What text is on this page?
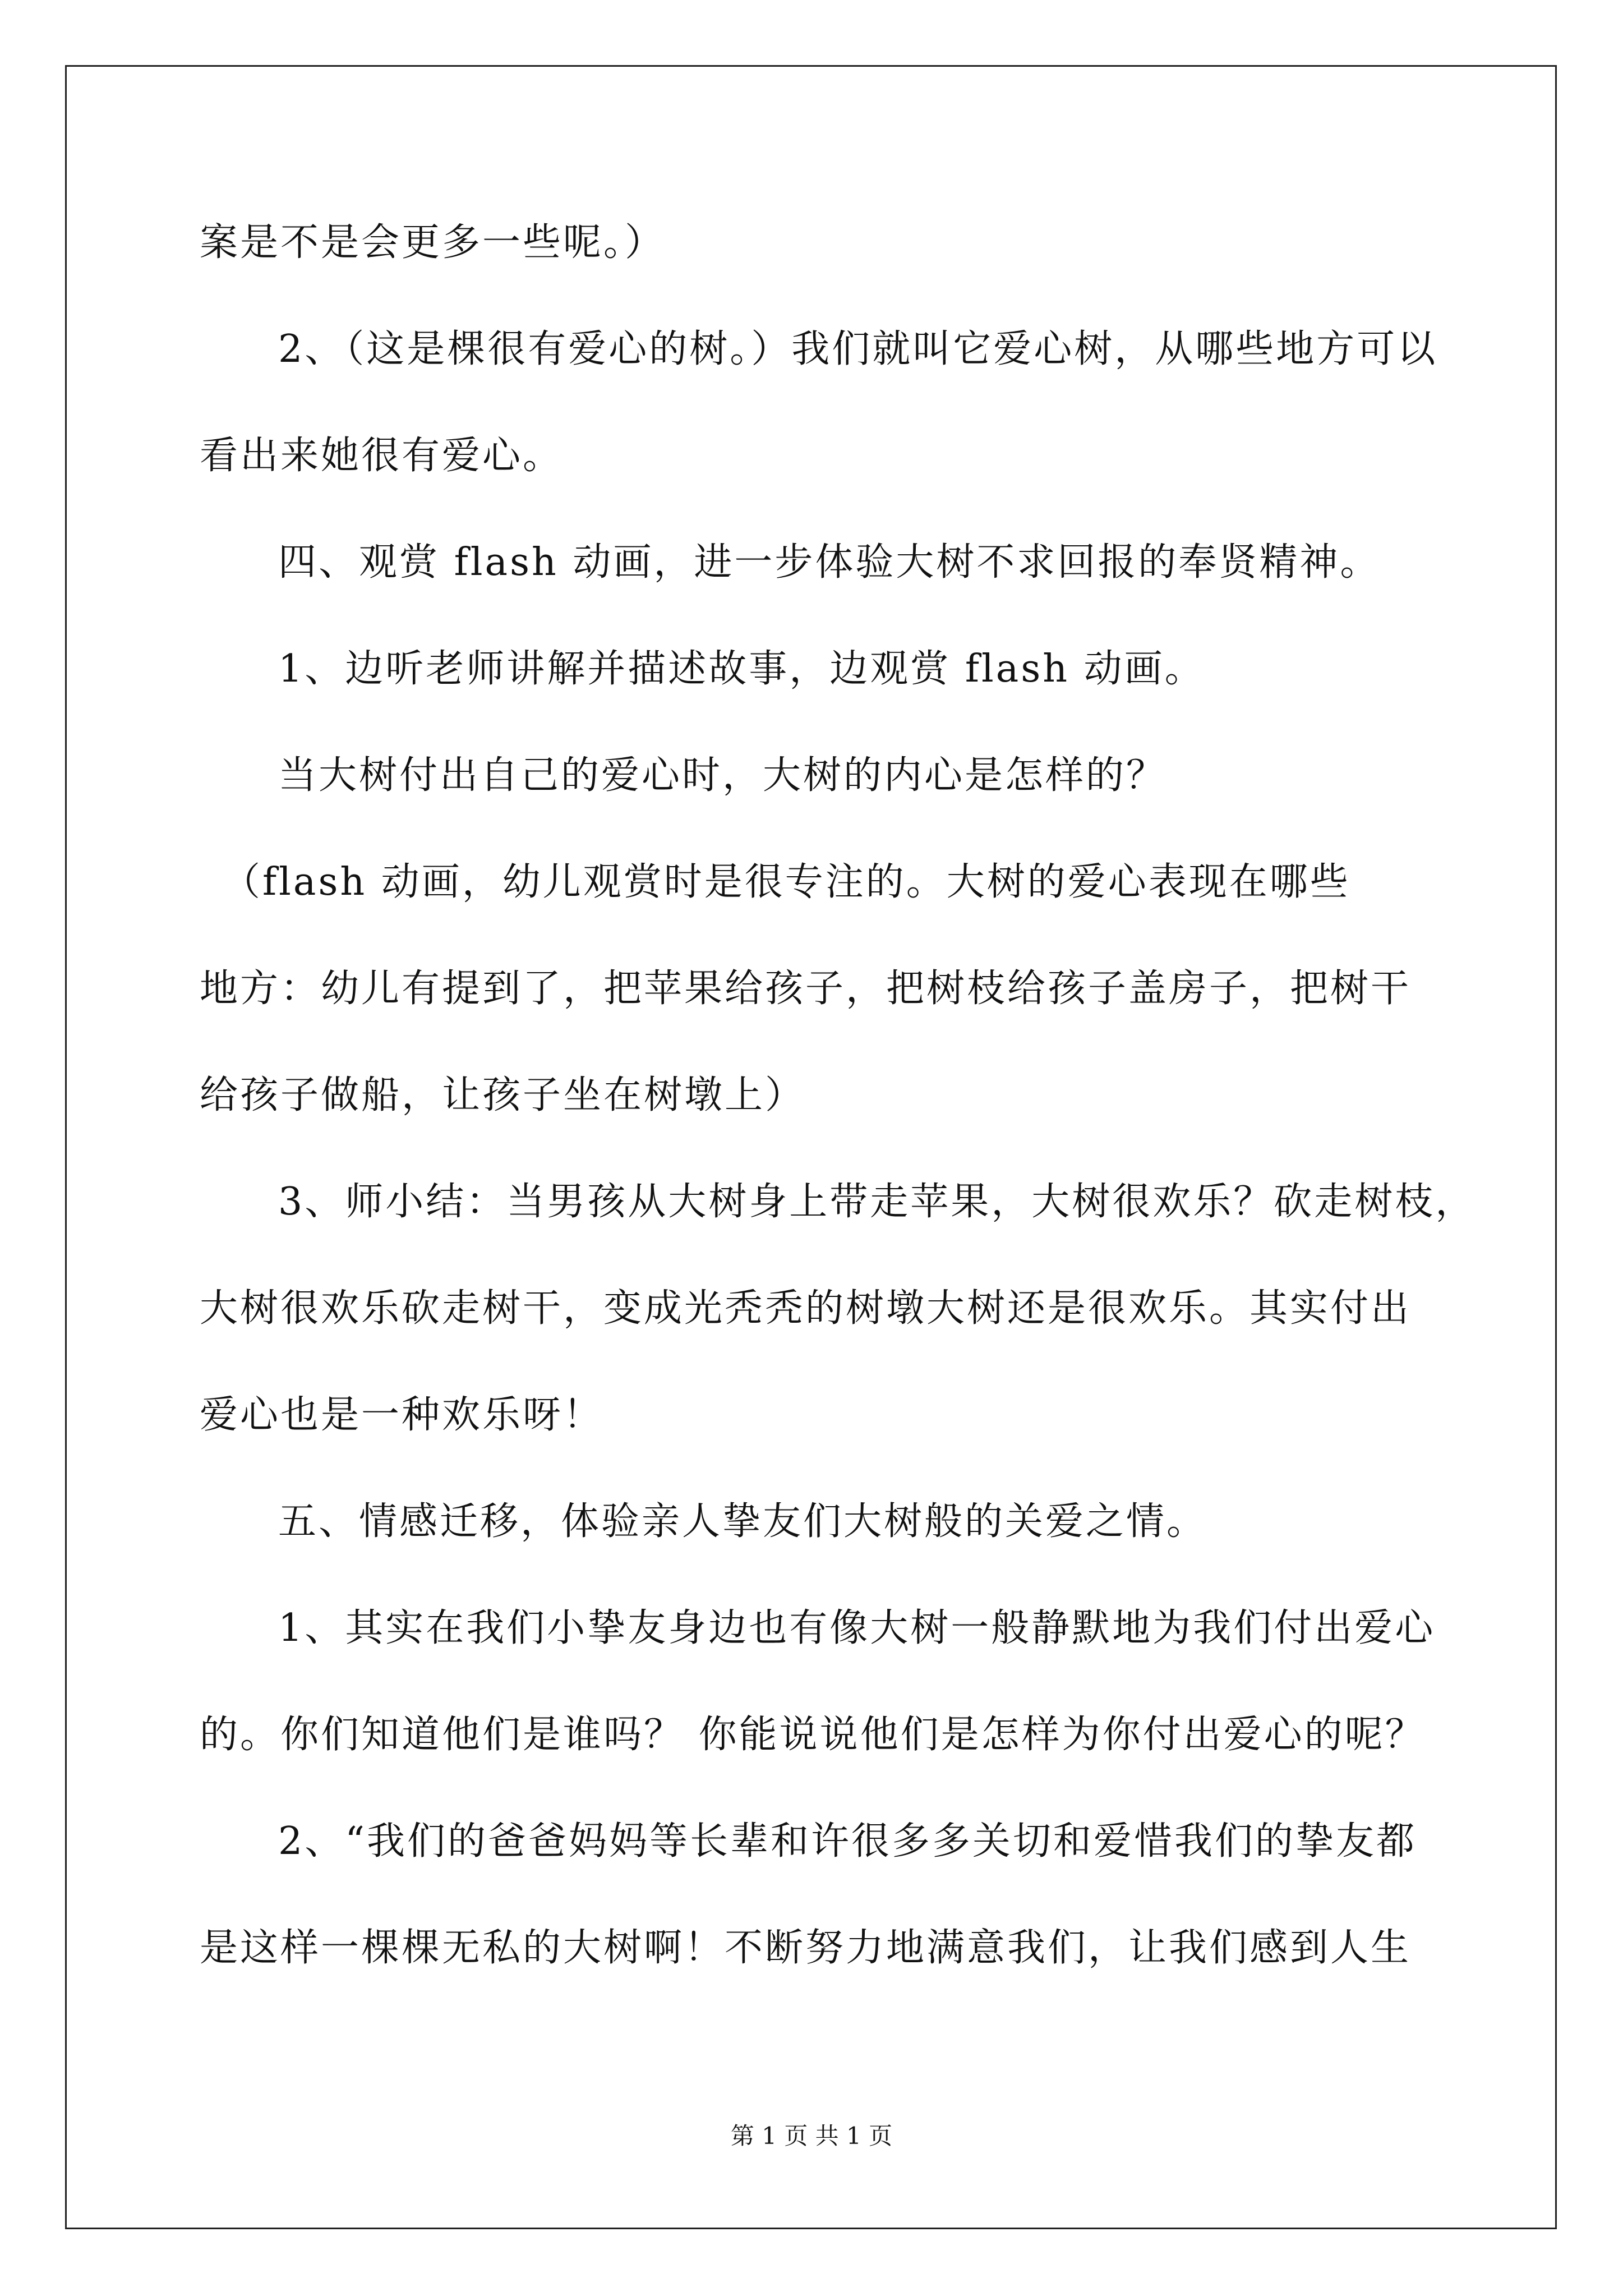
案是不是会更多一些呢。）
2、（这是棵很有爱心的树。）我们就叫它爱心树，从哪些地方可以
看出来她很有爱心。
四、观赏 flash 动画，进一步体验大树不求回报的奉贤精神。
1、边听老师讲解并描述故事，边观赏 flash 动画。
当大树付出自己的爱心时，大树的内心是怎样的？
（flash 动画，幼儿观赏时是很专注的。大树的爱心表现在哪些
地方：幼儿有提到了，把苹果给孩子，把树枝给孩子盖房子，把树干
给孩子做船，让孩子坐在树墩上）
3、师小结：当男孩从大树身上带走苹果，大树很欢乐？砍走树枝，
大树很欢乐砍走树干，变成光秃秃的树墩大树还是很欢乐。其实付出
爱心也是一种欢乐呀！
五、情感迁移，体验亲人挚友们大树般的关爱之情。
1、其实在我们小挚友身边也有像大树一般静默地为我们付出爱心
的。你们知道他们是谁吗？ 你能说说他们是怎样为你付出爱心的呢？
2、“我们的爸爸妈妈等长辈和许很多多关切和爱惜我们的挚友都
是这样一棵棵无私的大树啊！不断努力地满意我们，让我们感到人生
第 1 页 共 1 页
